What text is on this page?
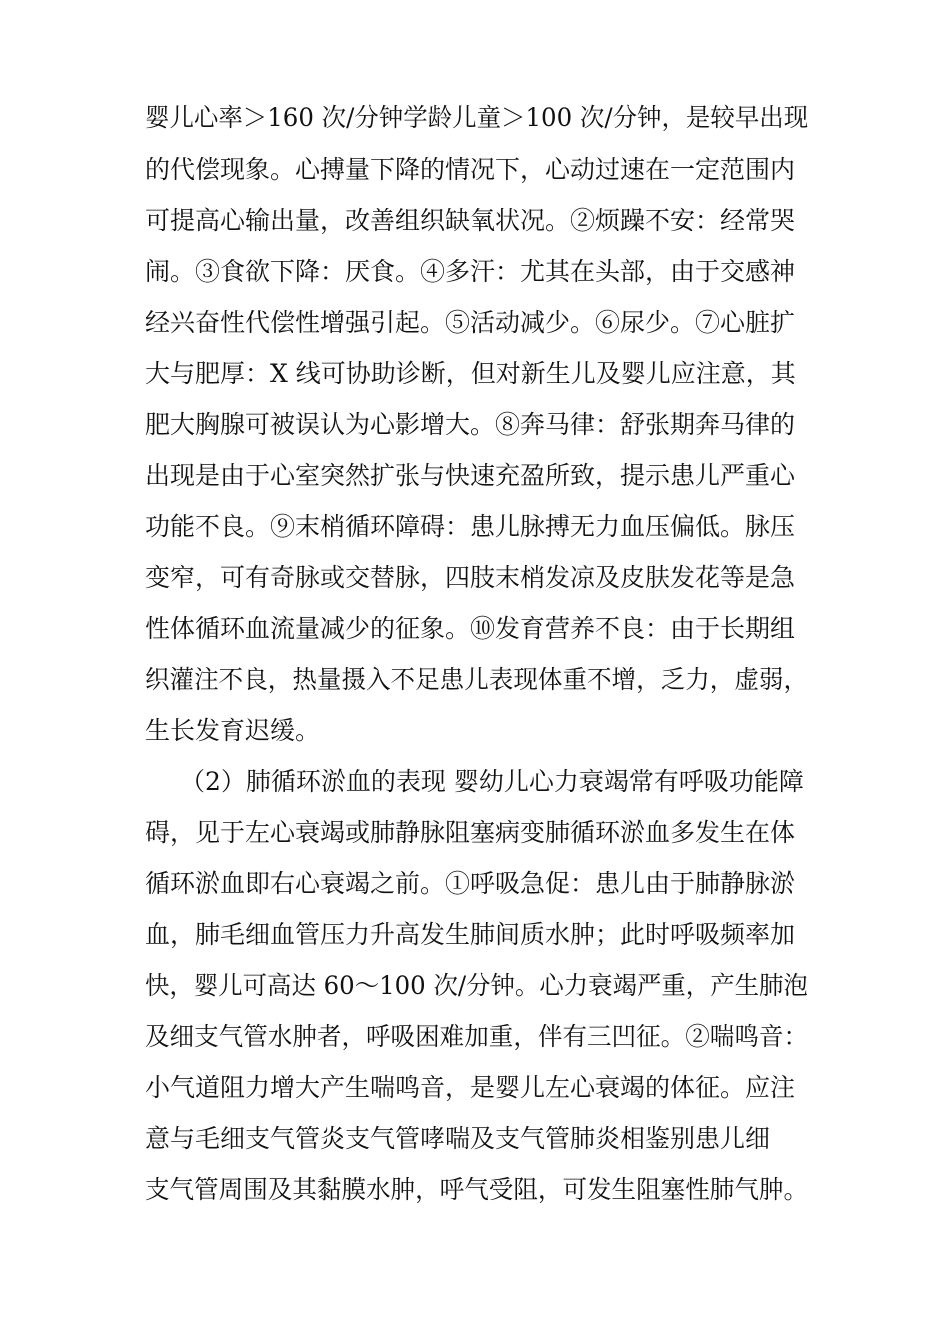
婴儿心率＞160 次/分钟学龄儿童＞100 次/分钟，是较早出现

的代偿现象。心搏量下降的情况下，心动过速在一定范围内

可提高心输出量，改善组织缺氧状况。②烦躁不安：经常哭

闹。③食欲下降：厌食。④多汗：尤其在头部，由于交感神

经兴奋性代偿性增强引起。⑤活动减少。⑥尿少。⑦心脏扩

大与肥厚：X 线可协助诊断，但对新生儿及婴儿应注意，其

肥大胸腺可被误认为心影增大。⑧奔马律：舒张期奔马律的

出现是由于心室突然扩张与快速充盈所致，提示患儿严重心

功能不良。⑨末梢循环障碍：患儿脉搏无力血压偏低。脉压

变窄，可有奇脉或交替脉，四肢末梢发凉及皮肤发花等是急

性体循环血流量减少的征象。⑩发育营养不良：由于长期组

织灌注不良，热量摄入不足患儿表现体重不增，乏力，虚弱，

生长发育迟缓。

（2）肺循环淤血的表现 婴幼儿心力衰竭常有呼吸功能障

碍，见于左心衰竭或肺静脉阻塞病变肺循环淤血多发生在体

循环淤血即右心衰竭之前。①呼吸急促：患儿由于肺静脉淤

血，肺毛细血管压力升高发生肺间质水肿；此时呼吸频率加

快，婴儿可高达 60～100 次/分钟。心力衰竭严重，产生肺泡

及细支气管水肿者，呼吸困难加重，伴有三凹征。②喘鸣音：

小气道阻力增大产生喘鸣音，是婴儿左心衰竭的体征。应注

意与毛细支气管炎支气管哮喘及支气管肺炎相鉴别患儿细

支气管周围及其黏膜水肿，呼气受阻，可发生阻塞性肺气肿。
